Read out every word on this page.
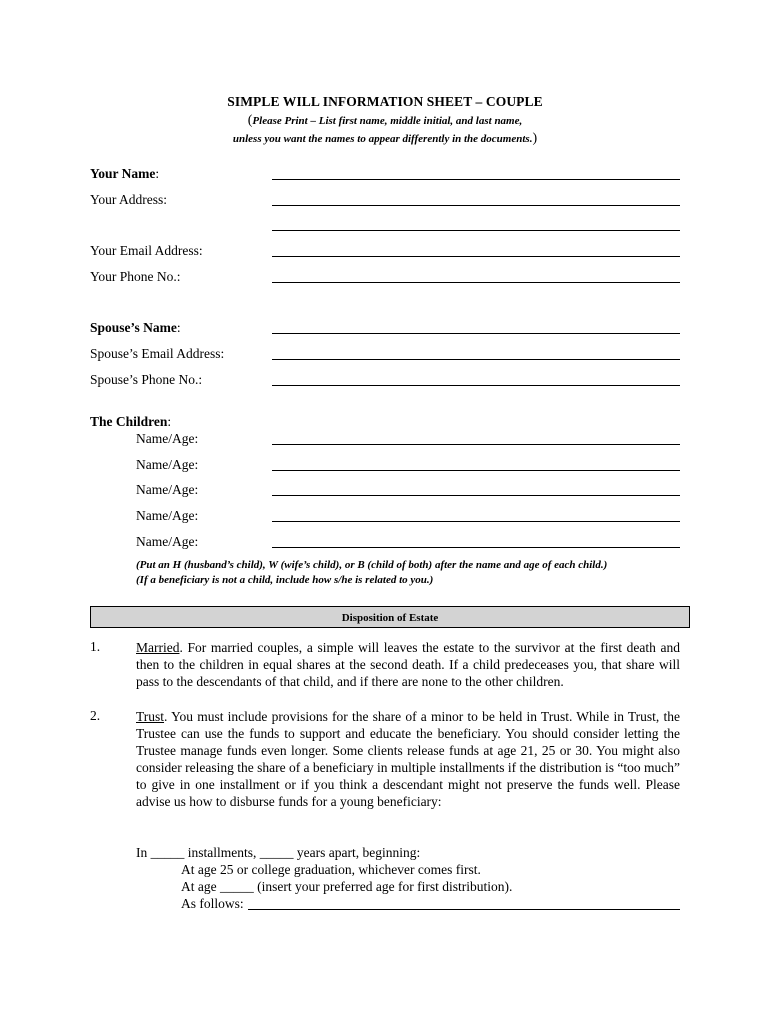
SIMPLE WILL INFORMATION SHEET – COUPLE
(Please Print – List first name, middle initial, and last name,
unless you want the names to appear differently in the documents.)
Your Name:
Your Address:
Your Email Address:
Your Phone No.:
Spouse’s Name:
Spouse’s Email Address:
Spouse’s Phone No.:
The Children:
Name/Age:
Name/Age:
Name/Age:
Name/Age:
Name/Age:
(Put an H (husband’s child), W (wife’s child), or B (child of both) after the name and age of each child.)
(If a beneficiary is not a child, include how s/he is related to you.)
Disposition of Estate
1.	Married. For married couples, a simple will leaves the estate to the survivor at the first death and then to the children in equal shares at the second death. If a child predeceases you, that share will pass to the descendants of that child, and if there are none to the other children.
2.	Trust. You must include provisions for the share of a minor to be held in Trust. While in Trust, the Trustee can use the funds to support and educate the beneficiary. You should consider letting the Trustee manage funds even longer. Some clients release funds at age 21, 25 or 30. You might also consider releasing the share of a beneficiary in multiple installments if the distribution is “too much” to give in one installment or if you think a descendant might not preserve the funds well. Please advise us how to disburse funds for a young beneficiary:
In _____ installments, _____ years apart, beginning:
At age 25 or college graduation, whichever comes first.
At age _____ (insert your preferred age for first distribution).
As follows:
